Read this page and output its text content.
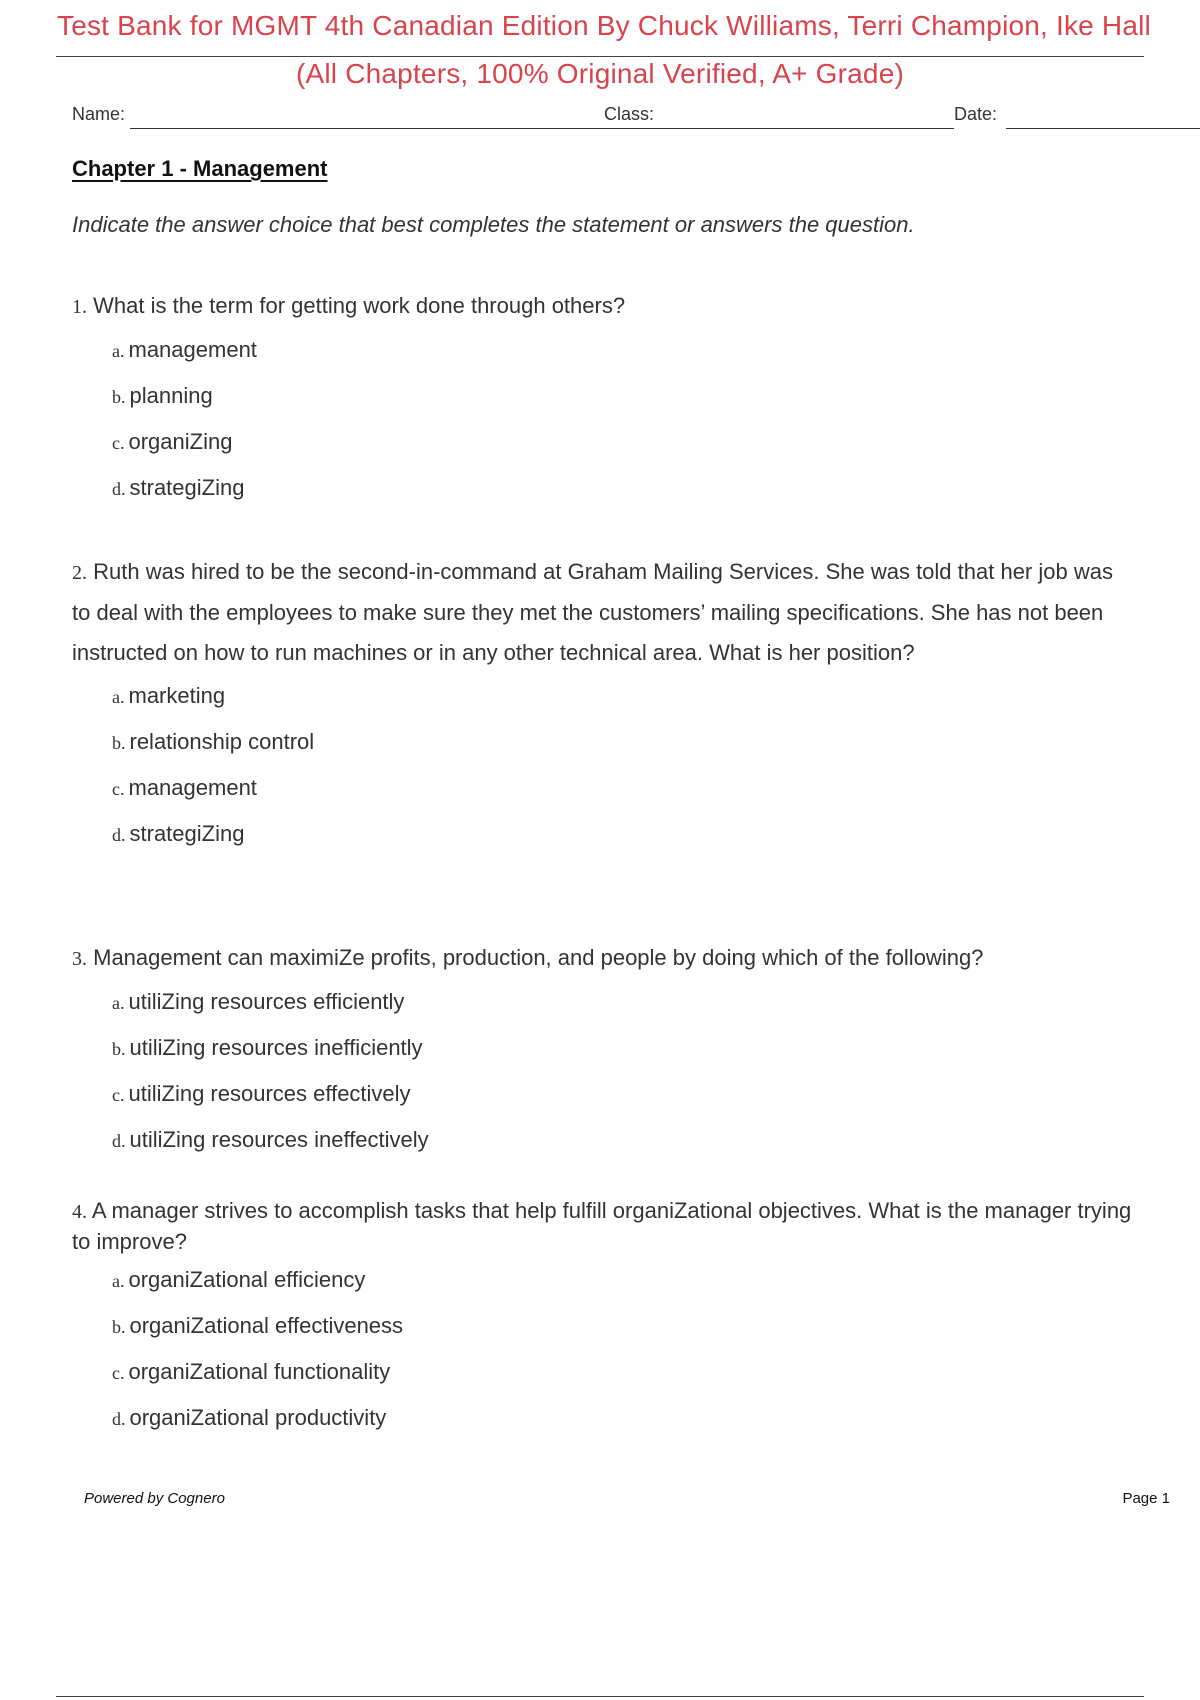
Test Bank for MGMT 4th Canadian Edition By Chuck Williams, Terri Champion, Ike Hall
(All Chapters, 100% Original Verified, A+ Grade)
Name:	Class:	Date:
Chapter 1 - Management
Indicate the answer choice that best completes the statement or answers the question.
1. What is the term for getting work done through others?
a. management
b. planning
c. organiZing
d. strategiZing
2. Ruth was hired to be the second-in-command at Graham Mailing Services. She was told that her job was to deal with the employees to make sure they met the customers’ mailing specifications. She has not been instructed on how to run machines or in any other technical area. What is her position?
a. marketing
b. relationship control
c. management
d. strategiZing
3. Management can maximiZe profits, production, and people by doing which of the following?
a. utiliZing resources efficiently
b. utiliZing resources inefficiently
c. utiliZing resources effectively
d. utiliZing resources ineffectively
4. A manager strives to accomplish tasks that help fulfill organiZational objectives. What is the manager trying to improve?
a. organiZational efficiency
b. organiZational effectiveness
c. organiZational functionality
d. organiZational productivity
Powered by Cognero	Page 1
